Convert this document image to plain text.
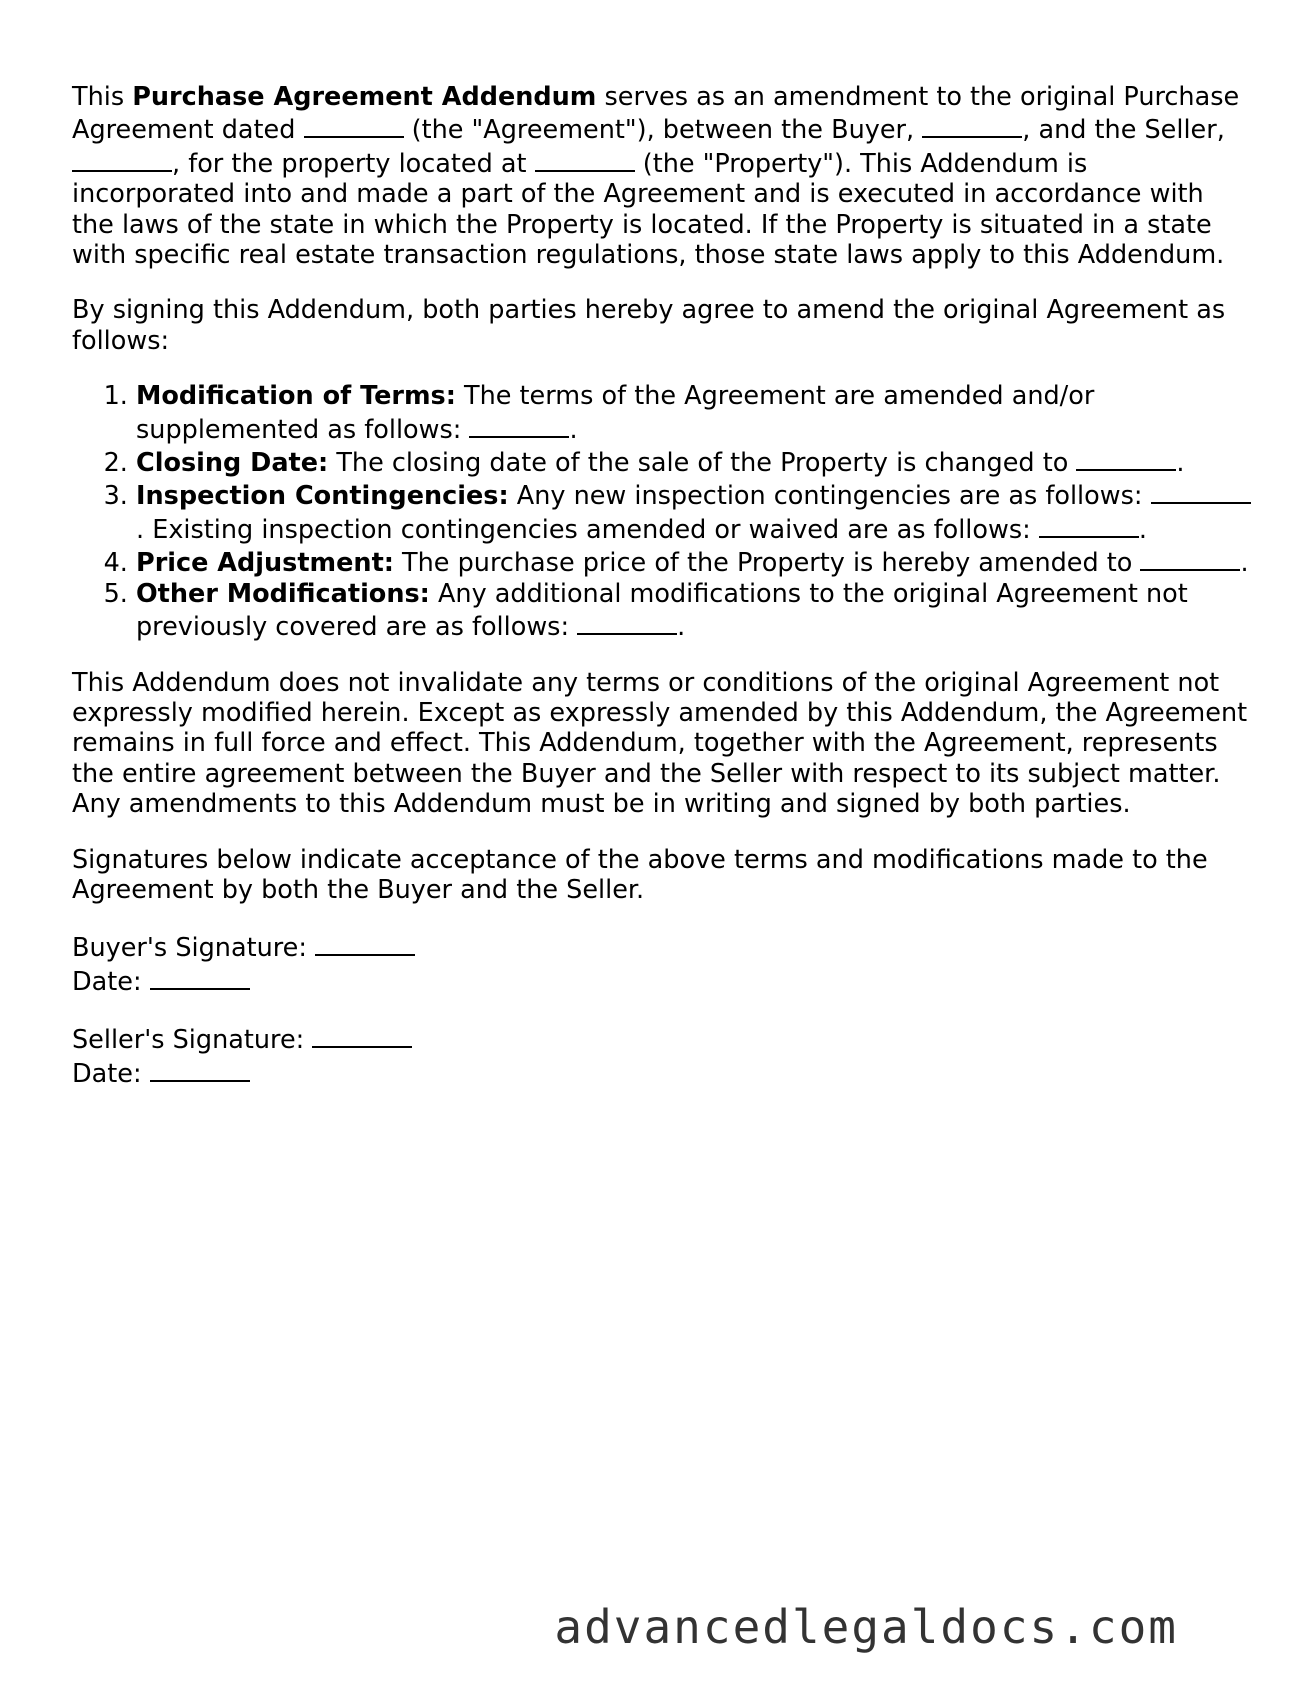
This Purchase Agreement Addendum serves as an amendment to the original Purchase Agreement dated	(the "Agreement"), between the Buyer,	, and the Seller, , for the property located at	(the "Property"). This Addendum is incorporated into and made a part of the Agreement and is executed in accordance with the laws of the state in which the Property is located. If the Property is situated in a state with specific real estate transaction regulations, those state laws apply to this Addendum.

By signing this Addendum, both parties hereby agree to amend the original Agreement as follows:

1. Modification of Terms: The terms of the Agreement are amended and/or supplemented as follows:	.
2. Closing Date: The closing date of the sale of the Property is changed to	.
3. Inspection Contingencies: Any new inspection contingencies are as follows: . Existing inspection contingencies amended or waived are as follows:	.
4. Price Adjustment: The purchase price of the Property is hereby amended to	.
5. Other Modifications: Any additional modifications to the original Agreement not previously covered are as follows:	.

This Addendum does not invalidate any terms or conditions of the original Agreement not expressly modified herein. Except as expressly amended by this Addendum, the Agreement remains in full force and effect. This Addendum, together with the Agreement, represents the entire agreement between the Buyer and the Seller with respect to its subject matter. Any amendments to this Addendum must be in writing and signed by both parties.

Signatures below indicate acceptance of the above terms and modifications made to the Agreement by both the Buyer and the Seller.

Buyer's Signature:
Date:
Seller's Signature:
Date:
advancedlegaldocs.com
